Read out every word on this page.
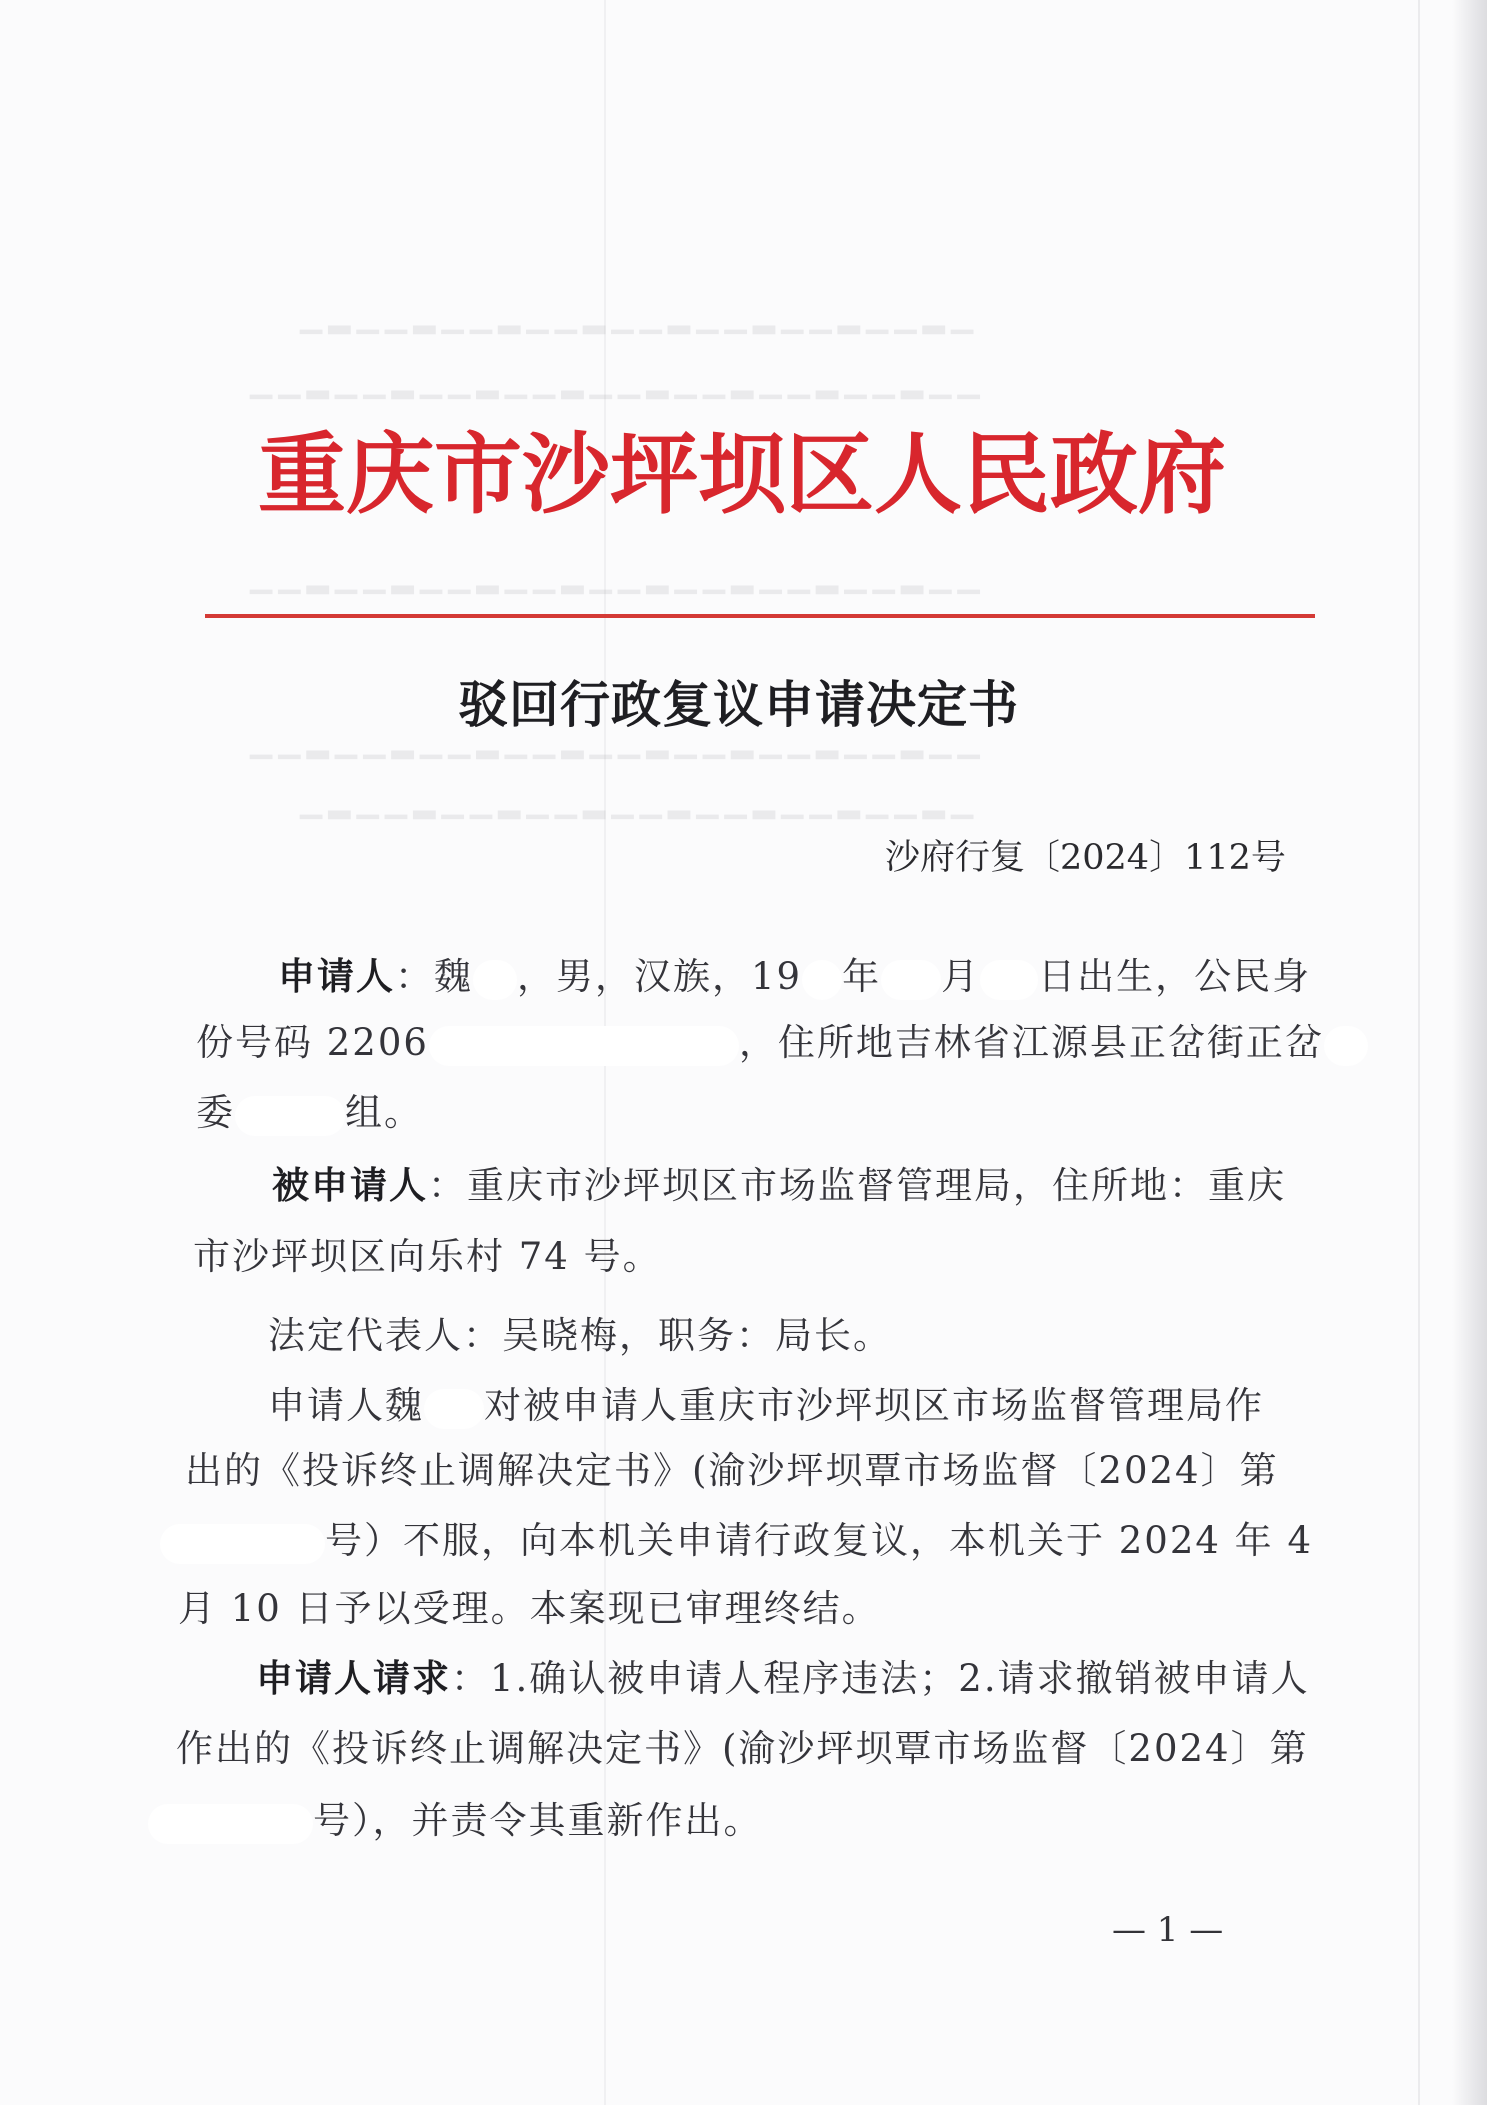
▁▂▁▁▂▁▁▂▁▁▂▁▁▂▁▁▂▁▁▂▁▁▂▁
▁▁▂▁▁▂▁▁▂▁▁▂▁▁▂▁▁▂▁▁▂▁▁▂▁▁
▁▁▂▁▁▂▁▁▂▁▁▂▁▁▂▁▁▂▁▁▂▁▁▂▁▁
▁▁▂▁▁▂▁▁▂▁▁▂▁▁▂▁▁▂▁▁▂▁▁▂▁▁
▁▂▁▁▂▁▁▂▁▁▂▁▁▂▁▁▂▁▁▂▁▁▂▁
重庆市沙坪坝区人民政府
驳回行政复议申请决定书
沙府行复〔2024〕112号
申请人：魏 ，男，汉族，19 年 月 日出生，公民身
份号码 2206	，住所地吉林省江源县正岔街正岔
委	组。
被申请人：重庆市沙坪坝区市场监督管理局，住所地：重庆
市沙坪坝区向乐村 74 号。
法定代表人：吴晓梅，职务：局长。
申请人魏 对被申请人重庆市沙坪坝区市场监督管理局作
出的《投诉终止调解决定书》(渝沙坪坝覃市场监督〔2024〕第
号）不服，向本机关申请行政复议，本机关于 2024 年 4
月 10 日予以受理。本案现已审理终结。
申请人请求：1.确认被申请人程序违法；2.请求撤销被申请人
作出的《投诉终止调解决定书》(渝沙坪坝覃市场监督〔2024〕第
号），并责令其重新作出。
— 1 —
